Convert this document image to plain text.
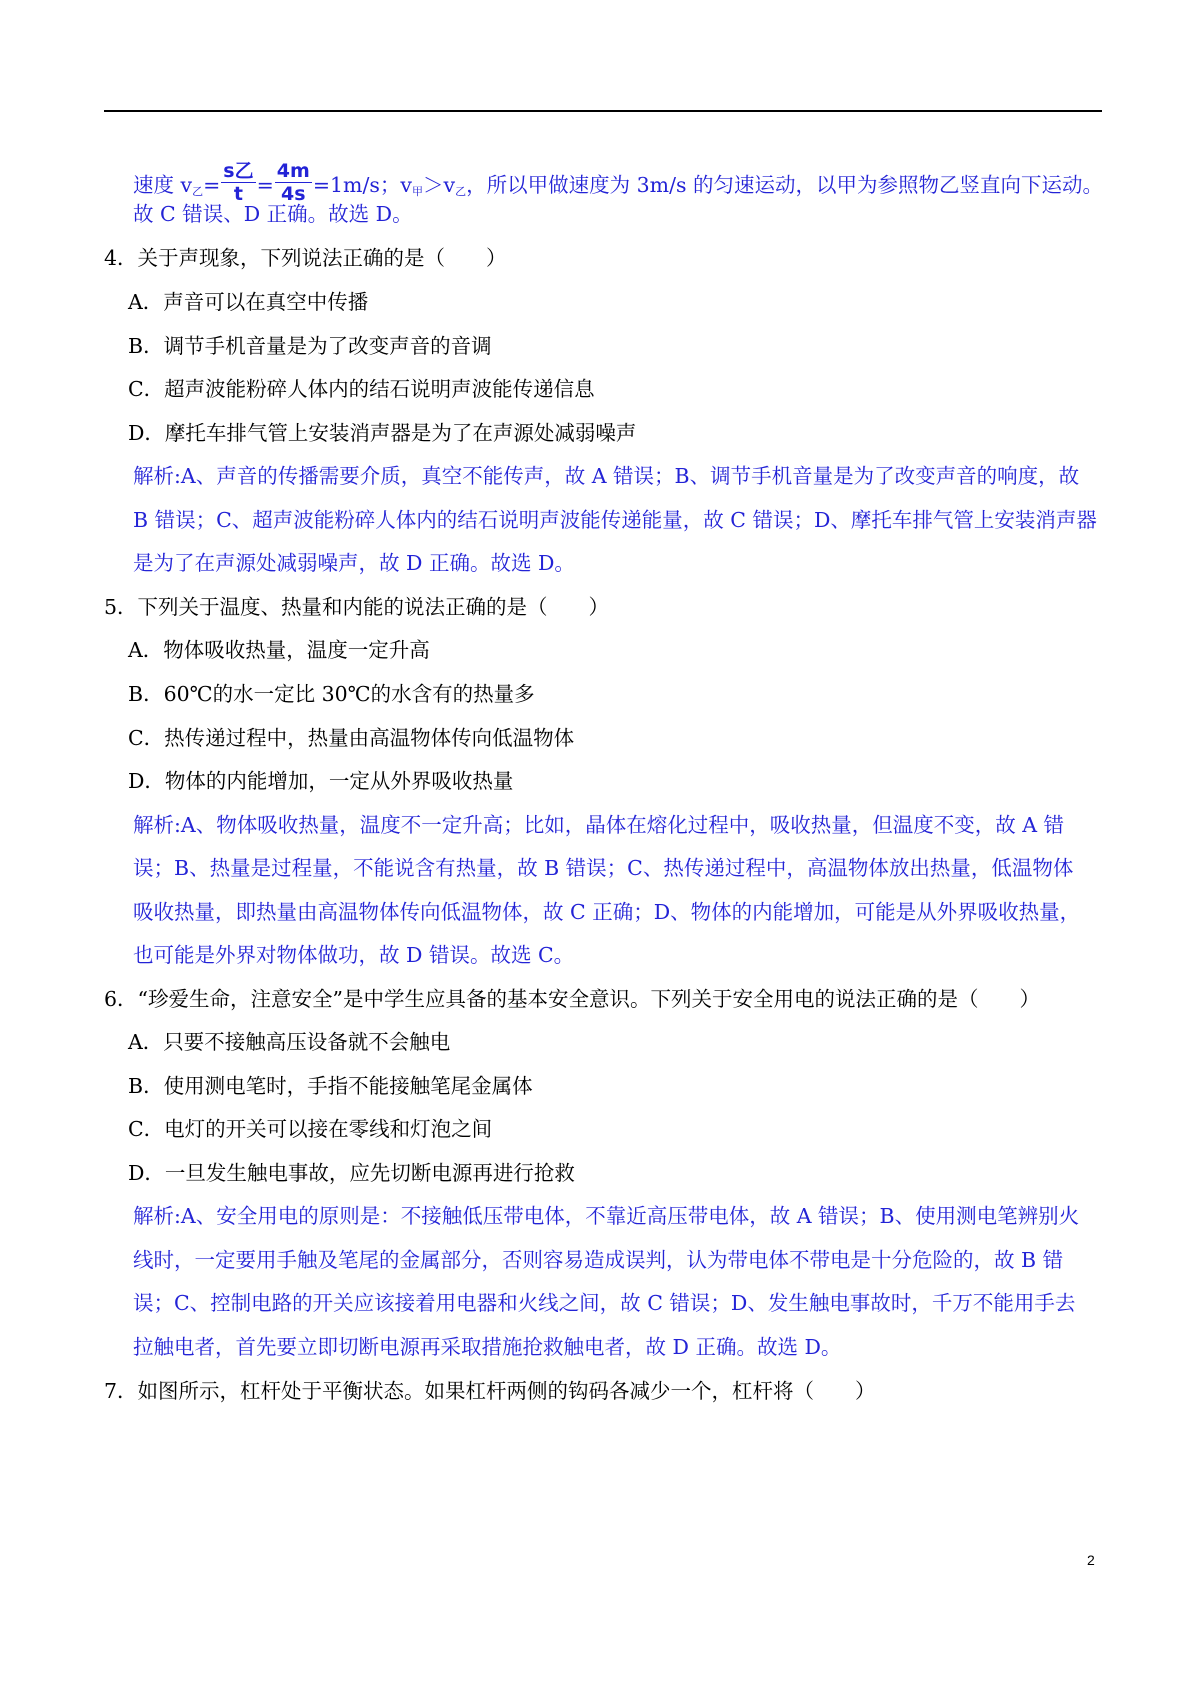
速度 $v_乙= \frac{\text{s乙}}{t} = \frac{4m}{4s} =1m/s$；$v_甲>v_乙$，所以甲做速度为 3m/s 的匀速运动，以甲为参照物乙竖直向下运动。
故 C 错误、D 正确。故选 D。
4．关于声现象，下列说法正确的是（　　）
A．声音可以在真空中传播
B．调节手机音量是为了改变声音的音调
C．超声波能粉碎人体内的结石说明声波能传递信息
D．摩托车排气管上安装消声器是为了在声源处减弱噪声
解析:A、声音的传播需要介质，真空不能传声，故 A 错误；B、调节手机音量是为了改变声音的响度，故
B 错误；C、超声波能粉碎人体内的结石说明声波能传递能量，故 C 错误；D、摩托车排气管上安装消声器
是为了在声源处减弱噪声，故 D 正确。故选 D。
5．下列关于温度、热量和内能的说法正确的是（　　）
A．物体吸收热量，温度一定升高
B．60℃的水一定比 30℃的水含有的热量多
C．热传递过程中，热量由高温物体传向低温物体
D．物体的内能增加，一定从外界吸收热量
解析:A、物体吸收热量，温度不一定升高；比如，晶体在熔化过程中，吸收热量，但温度不变，故 A 错
误；B、热量是过程量，不能说含有热量，故 B 错误；C、热传递过程中，高温物体放出热量，低温物体
吸收热量，即热量由高温物体传向低温物体，故 C 正确；D、物体的内能增加，可能是从外界吸收热量，
也可能是外界对物体做功，故 D 错误。故选 C。
6．“珍爱生命，注意安全”是中学生应具备的基本安全意识。下列关于安全用电的说法正确的是（　　）
A．只要不接触高压设备就不会触电
B．使用测电笔时，手指不能接触笔尾金属体
C．电灯的开关可以接在零线和灯泡之间
D．一旦发生触电事故，应先切断电源再进行抢救
解析:A、安全用电的原则是：不接触低压带电体，不靠近高压带电体，故 A 错误；B、使用测电笔辨别火
线时，一定要用手触及笔尾的金属部分，否则容易造成误判，认为带电体不带电是十分危险的，故 B 错
误；C、控制电路的开关应该接着用电器和火线之间，故 C 错误；D、发生触电事故时，千万不能用手去
拉触电者，首先要立即切断电源再采取措施抢救触电者，故 D 正确。故选 D。
7．如图所示，杠杆处于平衡状态。如果杠杆两侧的钩码各减少一个，杠杆将（　　）
2
